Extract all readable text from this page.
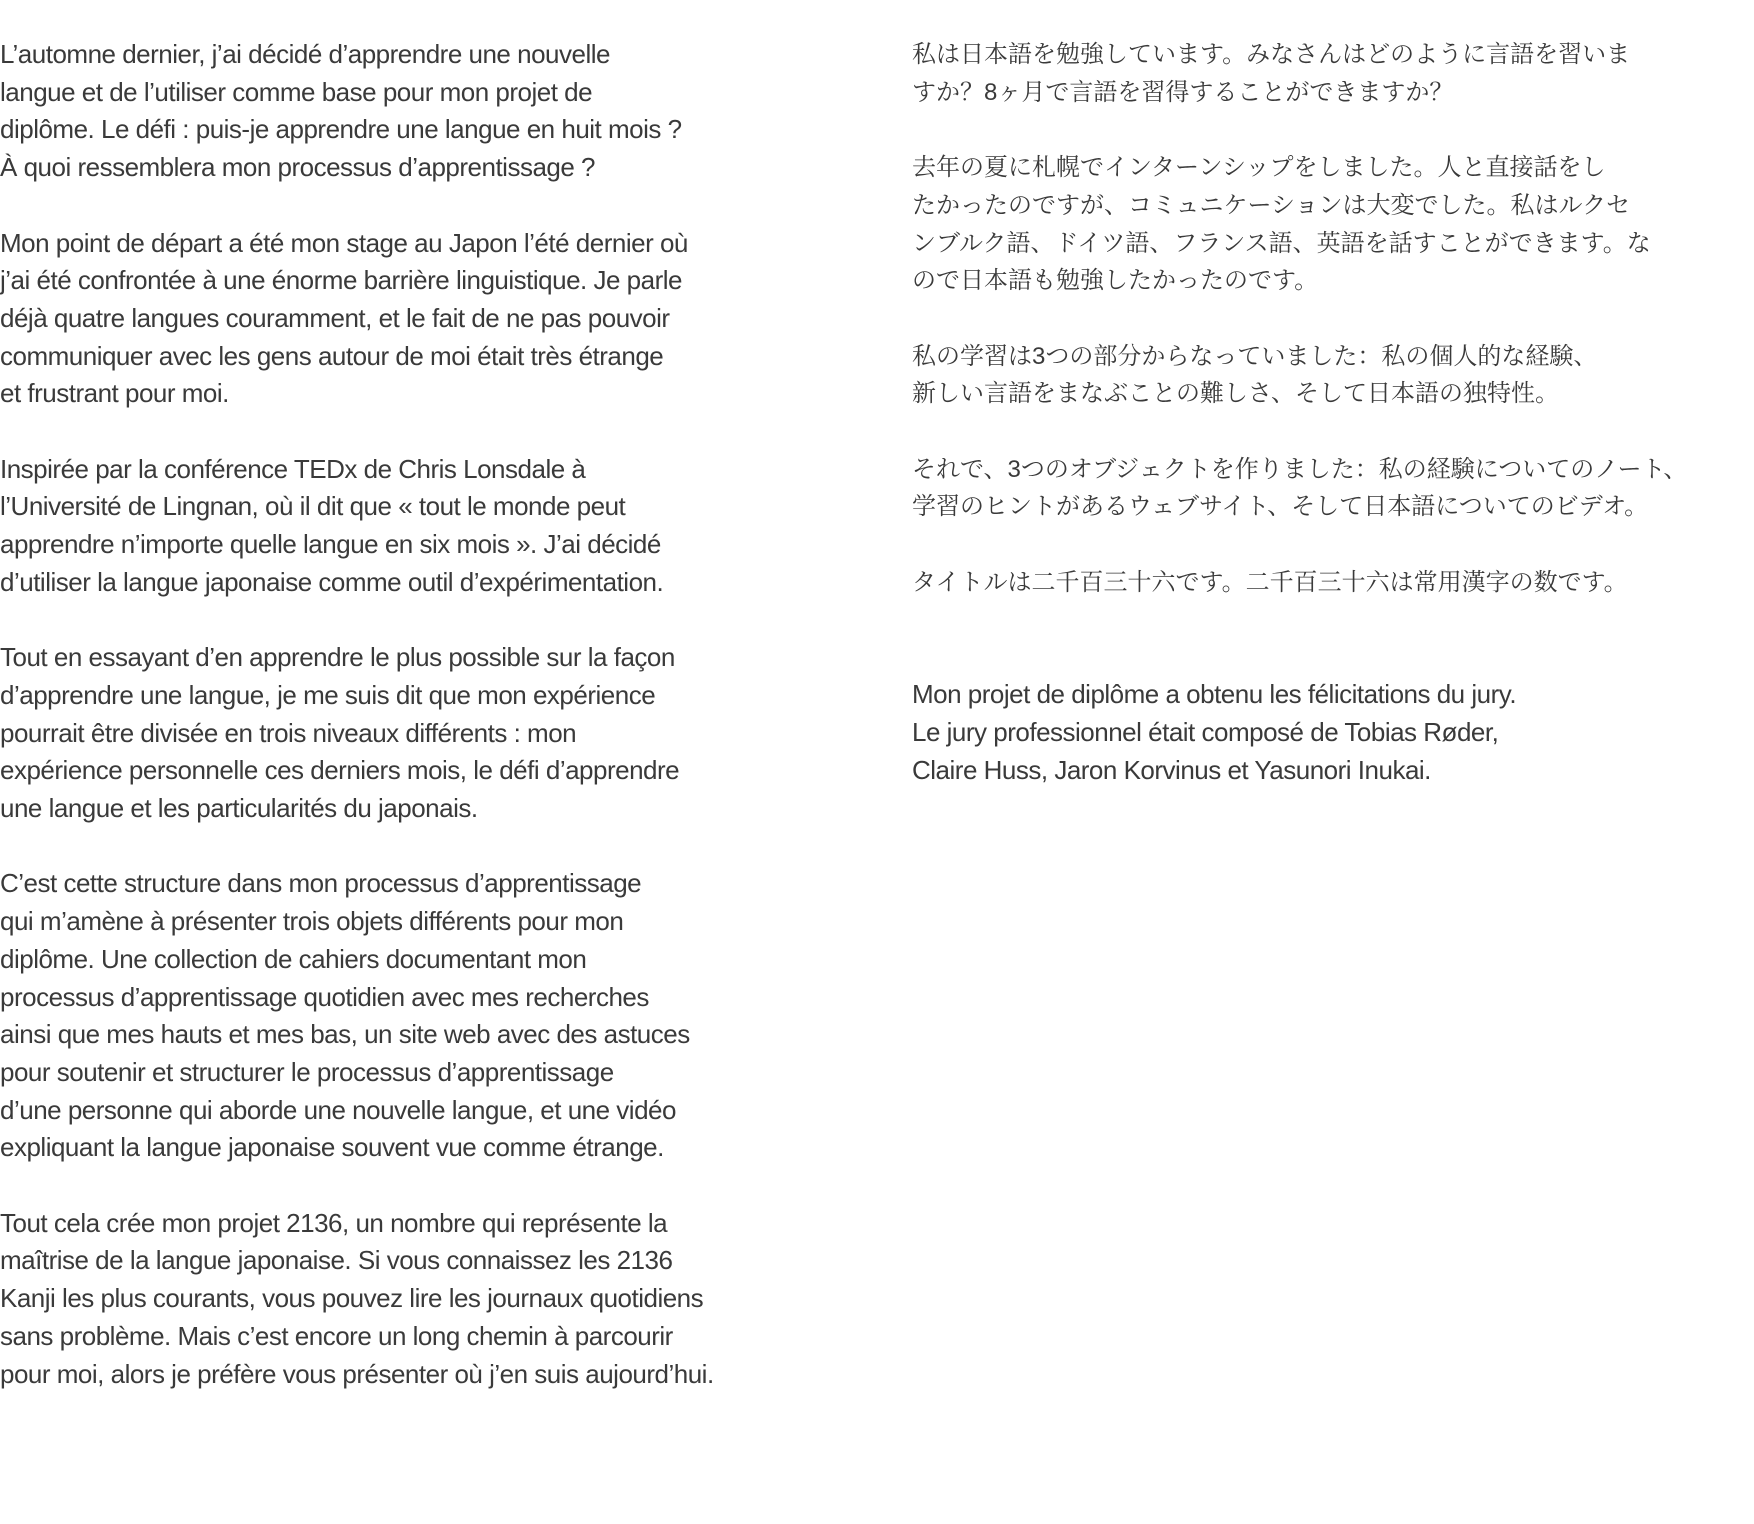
L’automne dernier, j’ai décidé d’apprendre une nouvelle
langue et de l’utiliser comme base pour mon projet de
diplôme. Le défi : puis-je apprendre une langue en huit mois ?
À quoi ressemblera mon processus d’apprentissage ?
Mon point de départ a été mon stage au Japon l’été dernier où
j’ai été confrontée à une énorme barrière linguistique. Je parle
déjà quatre langues couramment, et le fait de ne pas pouvoir
communiquer avec les gens autour de moi était très étrange
et frustrant pour moi.
Inspirée par la conférence TEDx de Chris Lonsdale à
l’Université de Lingnan, où il dit que « tout le monde peut
apprendre n’importe quelle langue en six mois ». J’ai décidé
d’utiliser la langue japonaise comme outil d’expérimentation.
Tout en essayant d’en apprendre le plus possible sur la façon
d’apprendre une langue, je me suis dit que mon expérience
pourrait être divisée en trois niveaux différents : mon
expérience personnelle ces derniers mois, le défi d’apprendre
une langue et les particularités du japonais.
C’est cette structure dans mon processus d’apprentissage
qui m’amène à présenter trois objets différents pour mon
diplôme. Une collection de cahiers documentant mon
processus d’apprentissage quotidien avec mes recherches
ainsi que mes hauts et mes bas, un site web avec des astuces
pour soutenir et structurer le processus d’apprentissage
d’une personne qui aborde une nouvelle langue, et une vidéo
expliquant la langue japonaise souvent vue comme étrange.
Tout cela crée mon projet 2136, un nombre qui représente la
maîtrise de la langue japonaise. Si vous connaissez les 2136
Kanji les plus courants, vous pouvez lire les journaux quotidiens
sans problème. Mais c’est encore un long chemin à parcourir
pour moi, alors je préfère vous présenter où j’en suis aujourd’hui.
私は日本語を勉強しています。みなさんはどのように言語を習いま
すか？8ヶ月で言語を習得することができますか？
去年の夏に札幌でインターンシップをしました。人と直接話をし
たかったのですが、コミュニケーションは大変でした。私はルクセ
ンブルク語、ドイツ語、フランス語、英語を話すことができます。な
ので日本語も勉強したかったのです。
私の学習は3つの部分からなっていました：私の個人的な経験、
新しい言語をまなぶことの難しさ、そして日本語の独特性。
それで、3つのオブジェクトを作りました：私の経験についてのノート、
学習のヒントがあるウェブサイト、そして日本語についてのビデオ。
タイトルは二千百三十六です。二千百三十六は常用漢字の数です。
Mon projet de diplôme a obtenu les félicitations du jury.
Le jury professionnel était composé de Tobias Røder,
Claire Huss, Jaron Korvinus et Yasunori Inukai.
